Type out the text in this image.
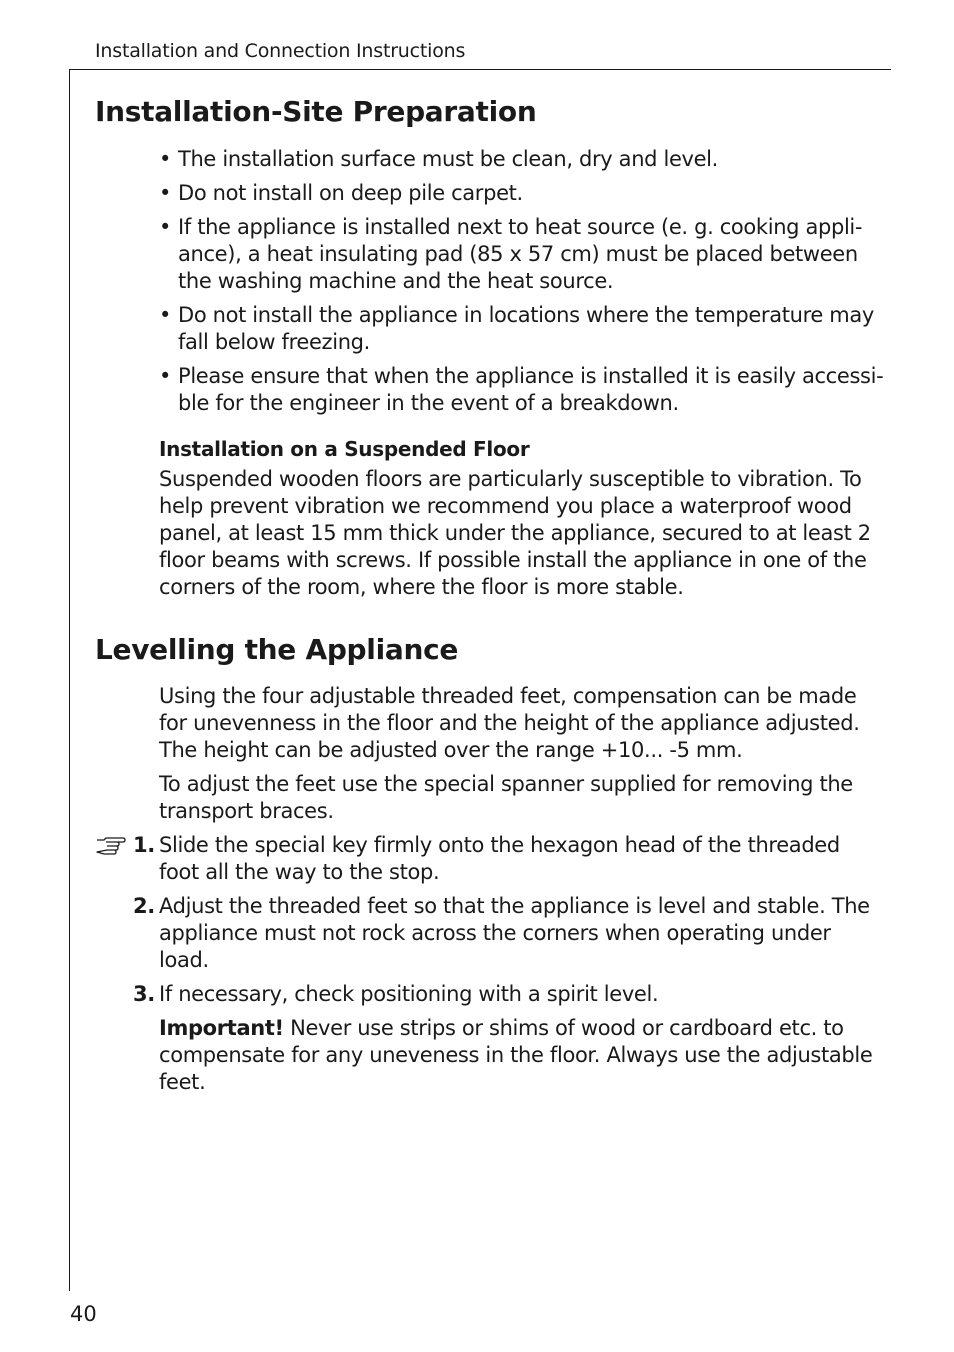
Installation and Connection Instructions
Installation-Site Preparation
• The installation surface must be clean, dry and level.
• Do not install on deep pile carpet.
• If the appliance is installed next to heat source (e. g. cooking appli-ance), a heat insulating pad (85 x 57 cm) must be placed between the washing machine and the heat source.
• Do not install the appliance in locations where the temperature may fall below freezing.
• Please ensure that when the appliance is installed it is easily accessi-ble for the engineer in the event of a breakdown.
Installation on a Suspended Floor
Suspended wooden floors are particularly susceptible to vibration. To help prevent vibration we recommend you place a waterproof wood panel, at least 15 mm thick under the appliance, secured to at least 2 floor beams with screws. If possible install the appliance in one of the corners of the room, where the floor is more stable.
Levelling the Appliance
Using the four adjustable threaded feet, compensation can be made for unevenness in the floor and the height of the appliance adjusted. The height can be adjusted over the range +10... -5 mm.
To adjust the feet use the special spanner supplied for removing the transport braces.
1. Slide the special key firmly onto the hexagon head of the threaded foot all the way to the stop.
2. Adjust the threaded feet so that the appliance is level and stable. The appliance must not rock across the corners when operating under load.
3. If necessary, check positioning with a spirit level.
Important! Never use strips or shims of wood or cardboard etc. to compensate for any uneveness in the floor. Always use the adjustable feet.
40
